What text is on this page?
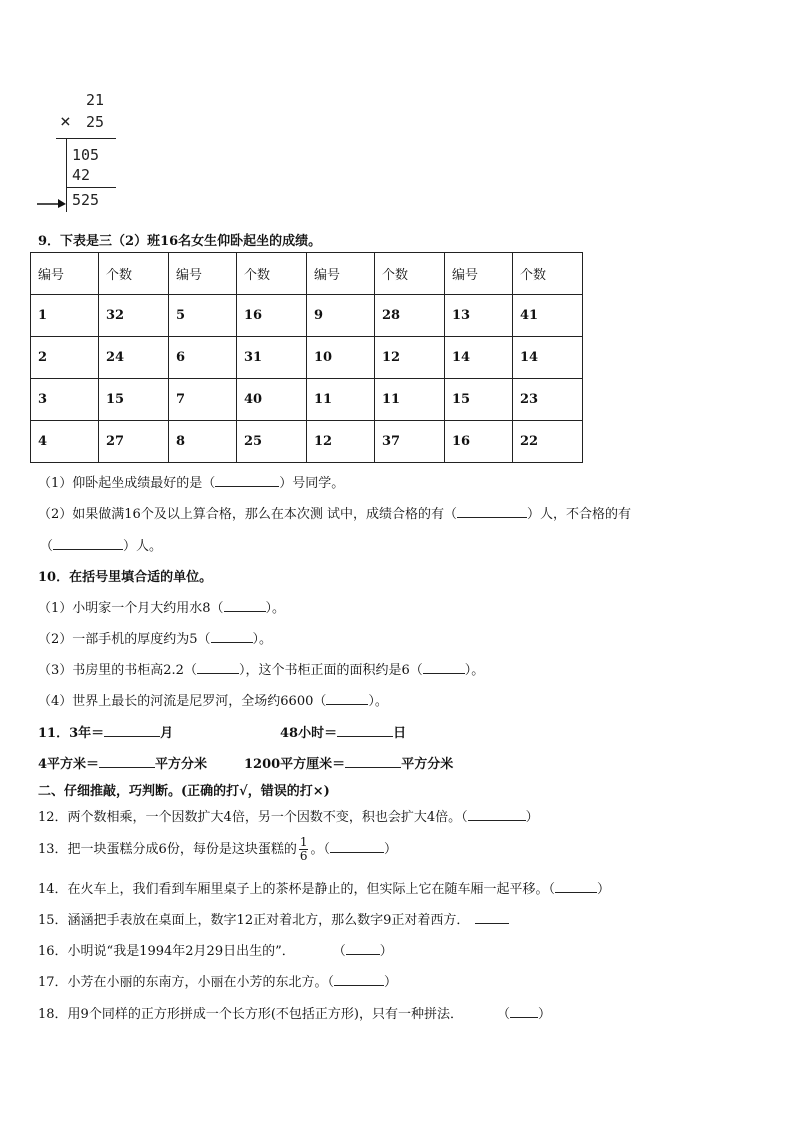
21
× 25
105
42
525
9．下表是三（2）班16名女生仰卧起坐的成绩。
编号	个数	编号	个数	编号	个数	编号	个数
1	32	5	16	9	28	13	41
2	24	6	31	10	12	14	14
3	15	7	40	11	11	15	23
4	27	8	25	12	37	16	22
（1）仰卧起坐成绩最好的是（	）号同学。
（2）如果做满16个及以上算合格，那么在本次测 试中，成绩合格的有（	）人，不合格的有
（	）人。
10．在括号里填合适的单位。
（1）小明家一个月大约用水8（	）。
（2）一部手机的厚度约为5（	）。
（3）书房里的书柜高2.2（	），这个书柜正面的面积约是6（	）。
（4）世界上最长的河流是尼罗河，全场约6600（	）。
11．3年＝	月	48小时＝	日
4平方米＝	平方分米	1200平方厘米＝	平方分米
二、仔细推敲，巧判断。(正确的打√，错误的打×)
12．两个数相乘，一个因数扩大4倍，另一个因数不变，积也会扩大4倍。（	）
13．把一块蛋糕分成6份，每份是这块蛋糕的 $\frac{1}{6}$ 。（	）
14．在火车上，我们看到车厢里桌子上的茶杯是静止的，但实际上它在随车厢一起平移。（	）
15．涵涵把手表放在桌面上，数字12正对着北方，那么数字9正对着西方．
16．小明说“我是1994年2月29日出生的”．	（	）
17．小芳在小丽的东南方，小丽在小芳的东北方。（	）
18．用9个同样的正方形拼成一个长方形(不包括正方形)，只有一种拼法．	（ ）
